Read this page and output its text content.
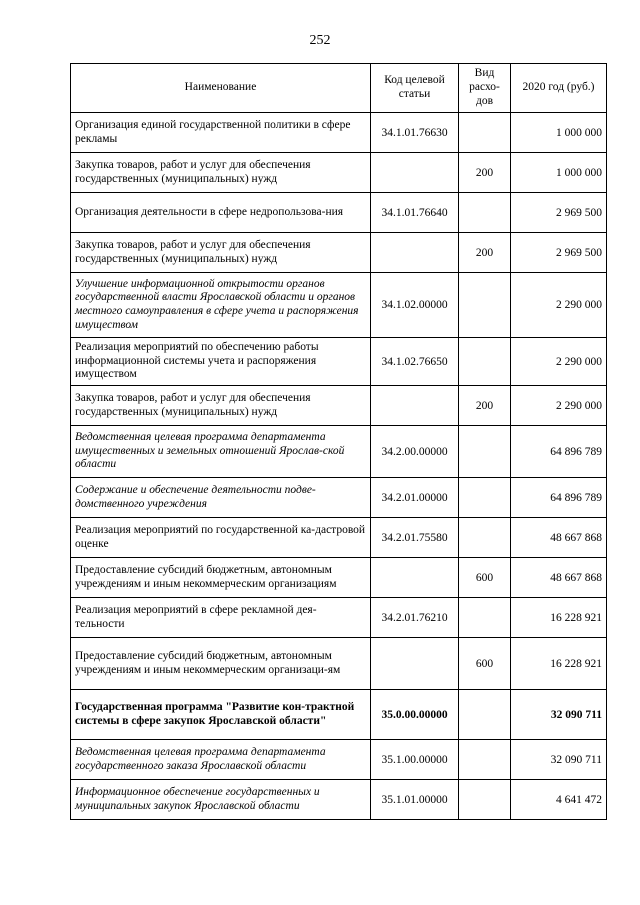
252
Наименование	Код целевой статьи	Вид расхо-дов	2020 год (руб.)
Организация единой государственной политики в сфере рекламы	34.1.01.76630		1 000 000
Закупка товаров, работ и услуг для обеспечения государственных (муниципальных) нужд		200	1 000 000
Организация деятельности в сфере недропользова-ния	34.1.01.76640		2 969 500
Закупка товаров, работ и услуг для обеспечения государственных (муниципальных) нужд		200	2 969 500
Улучшение информационной открытости органов государственной власти Ярославской области и органов местного самоуправления в сфере учета и распоряжения имуществом	34.1.02.00000		2 290 000
Реализация мероприятий по обеспечению работы информационной системы учета и распоряжения имуществом	34.1.02.76650		2 290 000
Закупка товаров, работ и услуг для обеспечения государственных (муниципальных) нужд		200	2 290 000
Ведомственная целевая программа департамента имущественных и земельных отношений Ярослав-ской области	34.2.00.00000		64 896 789
Содержание и обеспечение деятельности подве-домственного учреждения	34.2.01.00000		64 896 789
Реализация мероприятий по государственной ка-дастровой оценке	34.2.01.75580		48 667 868
Предоставление субсидий бюджетным, автономным учреждениям и иным некоммерческим организациям		600	48 667 868
Реализация мероприятий в сфере рекламной дея-тельности	34.2.01.76210		16 228 921
Предоставление субсидий бюджетным, автономным учреждениям и иным некоммерческим организаци-ям		600	16 228 921
Государственная программа "Развитие кон-трактной системы в сфере закупок Ярославской области"	35.0.00.00000		32 090 711
Ведомственная целевая программа департамента государственного заказа Ярославской области	35.1.00.00000		32 090 711
Информационное обеспечение государственных и муниципальных закупок Ярославской области	35.1.01.00000		4 641 472
